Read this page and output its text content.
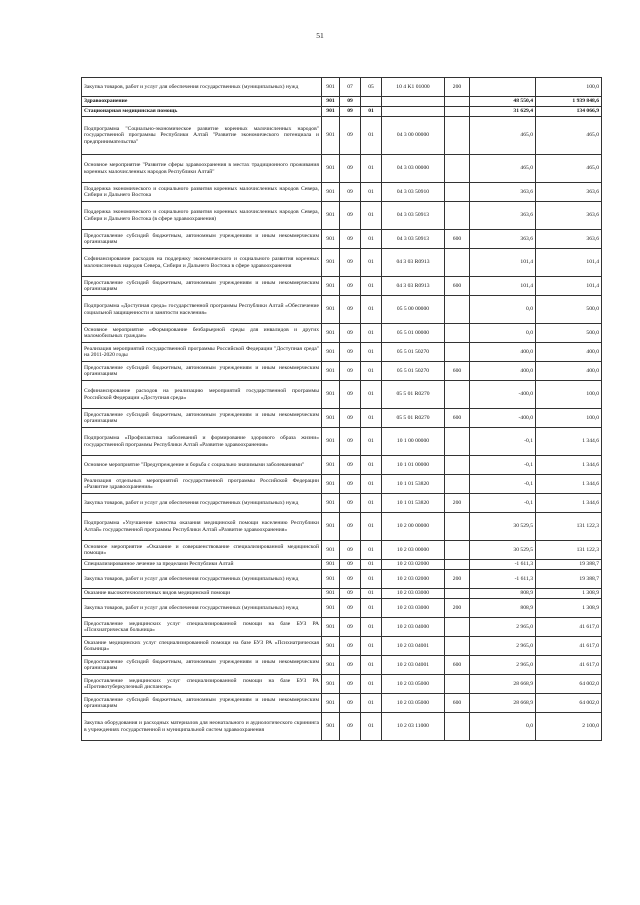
51
Закупка товаров, работ и услуг для обеспечения государственных (муниципальных) нужд	901	07	05	10 4 K1 01000	200		100,0
Здравоохранение	901	09				48 550,4	1 939 848,6
Стационарная медицинская помощь	901	09	01			31 629,4	134 066,9
Подпрограмма "Социально-экономическое развитие коренных малочисленных народов" государственной программы Республики Алтай "Развитие экономического потенциала и предпринимательства"	901	09	01	04 3 00 00000		465,0	465,0
Основное мероприятие "Развитие сферы здравоохранения в местах традиционного проживания коренных малочисленных народов Республики Алтай"	901	09	01	04 3 03 00000		465,0	465,0
Поддержка экономического и социального развития коренных малочисленных народов Севера, Сибири и Дальнего Востока	901	09	01	04 3 03 50910		363,6	363,6
Поддержка экономического и социального развития коренных малочисленных народов Севера, Сибири и Дальнего Востока (в сфере здравоохранения)	901	09	01	04 3 03 50913		363,6	363,6
Предоставление субсидий бюджетным, автономным учреждениям и иным некоммерческим организациям	901	09	01	04 3 03 50913	600	363,6	363,6
Софинансирование расходов на поддержку экономического и социального развития коренных малочисленных народов Севера, Сибири и Дальнего Востока в сфере здравоохранения	901	09	01	04 3 03 R0913		101,4	101,4
Предоставление субсидий бюджетным, автономным учреждениям и иным некоммерческим организациям	901	09	01	04 3 03 R0913	600	101,4	101,4
Подпрограмма «Доступная среда» государственной программы Республики Алтай «Обеспечение социальной защищенности и занятости населения»	901	09	01	05 5 00 00000		0,0	500,0
Основное мероприятие «Формирование безбарьерной среды для инвалидов и других маломобильных граждан»	901	09	01	05 5 01 00000		0,0	500,0
Реализация мероприятий государственной программы Российской Федерации "Доступная среда" на 2011-2020 годы	901	09	01	05 5 01 50270		400,0	400,0
Предоставление субсидий бюджетным, автономным учреждениям и иным некоммерческим организациям	901	09	01	05 5 01 50270	600	400,0	400,0
Софинансирование расходов на реализацию мероприятий государственной программы Российской Федерации «Доступная среда»	901	09	01	05 5 01 R0270		-400,0	100,0
Предоставление субсидий бюджетным, автономным учреждениям и иным некоммерческим организациям	901	09	01	05 5 01 R0270	600	-400,0	100,0
Подпрограмма «Профилактика заболеваний и формирование здорового образа жизни» государственной программы Республики Алтай «Развитие здравоохранения»	901	09	01	10 1 00 00000		-0,1	1 344,6
Основное мероприятие "Предупреждение и борьба с социально значимыми заболеваниями"	901	09	01	10 1 01 00000		-0,1	1 344,6
Реализация отдельных мероприятий государственной программы Российской Федерации «Развитие здравоохранения»	901	09	01	10 1 01 53820		-0,1	1 344,6
Закупка товаров, работ и услуг для обеспечения государственных (муниципальных) нужд	901	09	01	10 1 01 53820	200	-0,1	1 344,6
Подпрограмма «Улучшение качества оказания медицинской помощи населению Республики Алтай» государственной программы Республики Алтай «Развитие здравоохранения»	901	09	01	10 2 00 00000		30 529,5	131 122,3
Основное мероприятие «Оказание и совершенствование специализированной медицинской помощи»	901	09	01	10 2 03 00000		30 529,5	131 122,3
Специализированное лечение за пределами Республики Алтай	901	09	01	10 2 03 02000		-1 611,3	19 388,7
Закупка товаров, работ и услуг для обеспечения государственных (муниципальных) нужд	901	09	01	10 2 03 02000	200	-1 611,3	19 388,7
Оказание высокотехнологичных видов медицинской помощи	901	09	01	10 2 03 03000		808,9	1 308,9
Закупка товаров, работ и услуг для обеспечения государственных (муниципальных) нужд	901	09	01	10 2 03 03000	200	808,9	1 308,9
Предоставление медицинских услуг специализированной помощи на базе БУЗ РА «Психиатрическая больница»	901	09	01	10 2 03 04000		2 965,0	41 617,0
Оказание медицинских услуг специализированной помощи на базе БУЗ РА «Психиатрическая больница»	901	09	01	10 2 03 04001		2 965,0	41 617,0
Предоставление субсидий бюджетным, автономным учреждениям и иным некоммерческим организациям	901	09	01	10 2 03 04001	600	2 965,0	41 617,0
Предоставление медицинских услуг специализированной помощи на базе БУЗ РА «Противотуберкулезный диспансер»	901	09	01	10 2 03 05000		28 668,9	64 002,0
Предоставление субсидий бюджетным, автономным учреждениям и иным некоммерческим организациям	901	09	01	10 2 03 05000	600	28 668,9	64 002,0
Закупка оборудования и расходных материалов для неонатального и аудиологического скрининга в учреждениях государственной и муниципальной систем здравоохранения	901	09	01	10 2 03 11000		0,0	2 100,0
